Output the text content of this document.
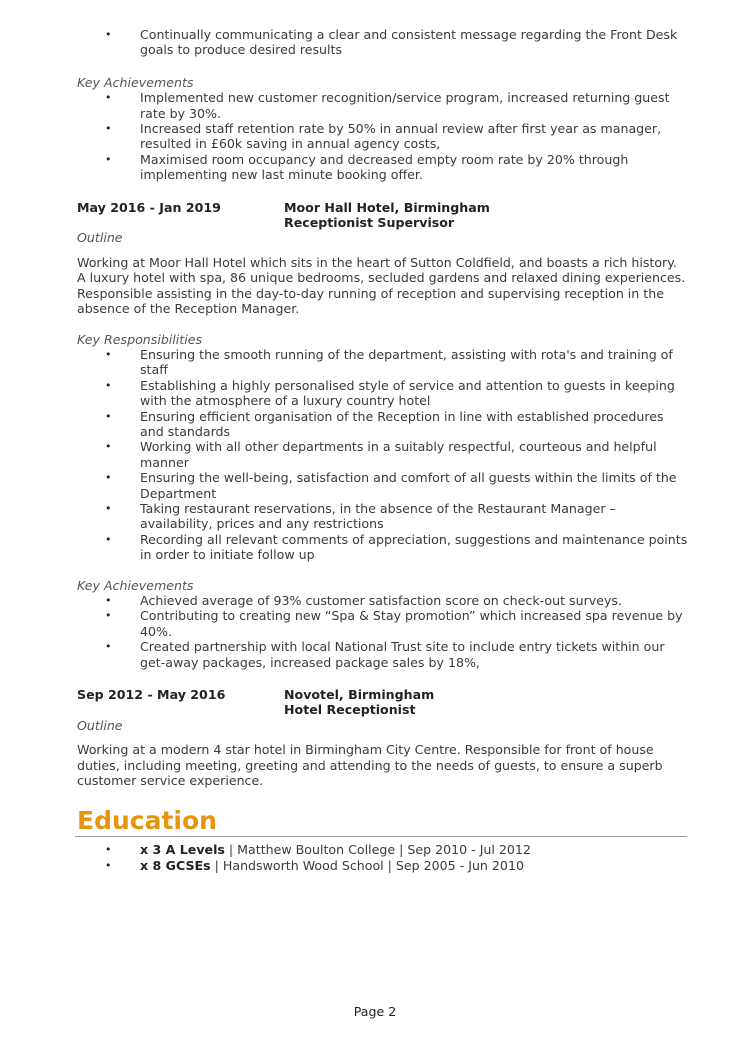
• Continually communicating a clear and consistent message regarding the Front Desk goals to produce desired results
Key Achievements
• Implemented new customer recognition/service program, increased returning guest rate by 30%.
• Increased staff retention rate by 50% in annual review after first year as manager, resulted in £60k saving in annual agency costs,
• Maximised room occupancy and decreased empty room rate by 20% through implementing new last minute booking offer.
May 2016 - Jan 2019	Moor Hall Hotel, Birmingham
Receptionist Supervisor
Outline

Working at Moor Hall Hotel which sits in the heart of Sutton Coldfield, and boasts a rich history. A luxury hotel with spa, 86 unique bedrooms, secluded gardens and relaxed dining experiences. Responsible assisting in the day-to-day running of reception and supervising reception in the absence of the Reception Manager.

Key Responsibilities
• Ensuring the smooth running of the department, assisting with rota's and training of staff
• Establishing a highly personalised style of service and attention to guests in keeping with the atmosphere of a luxury country hotel
• Ensuring efficient organisation of the Reception in line with established procedures and standards
• Working with all other departments in a suitably respectful, courteous and helpful manner
• Ensuring the well-being, satisfaction and comfort of all guests within the limits of the Department
• Taking restaurant reservations, in the absence of the Restaurant Manager – availability, prices and any restrictions
• Recording all relevant comments of appreciation, suggestions and maintenance points in order to initiate follow up
Key Achievements
• Achieved average of 93% customer satisfaction score on check-out surveys.
• Contributing to creating new “Spa & Stay promotion” which increased spa revenue by 40%.
• Created partnership with local National Trust site to include entry tickets within our get-away packages, increased package sales by 18%,
Sep 2012 - May 2016	Novotel, Birmingham
Hotel Receptionist
Outline

Working at a modern 4 star hotel in Birmingham City Centre. Responsible for front of house duties, including meeting, greeting and attending to the needs of guests, to ensure a superb customer service experience.

Education
• x 3 A Levels | Matthew Boulton College | Sep 2010 - Jul 2012
• x 8 GCSEs | Handsworth Wood School | Sep 2005 - Jun 2010
Page 2
